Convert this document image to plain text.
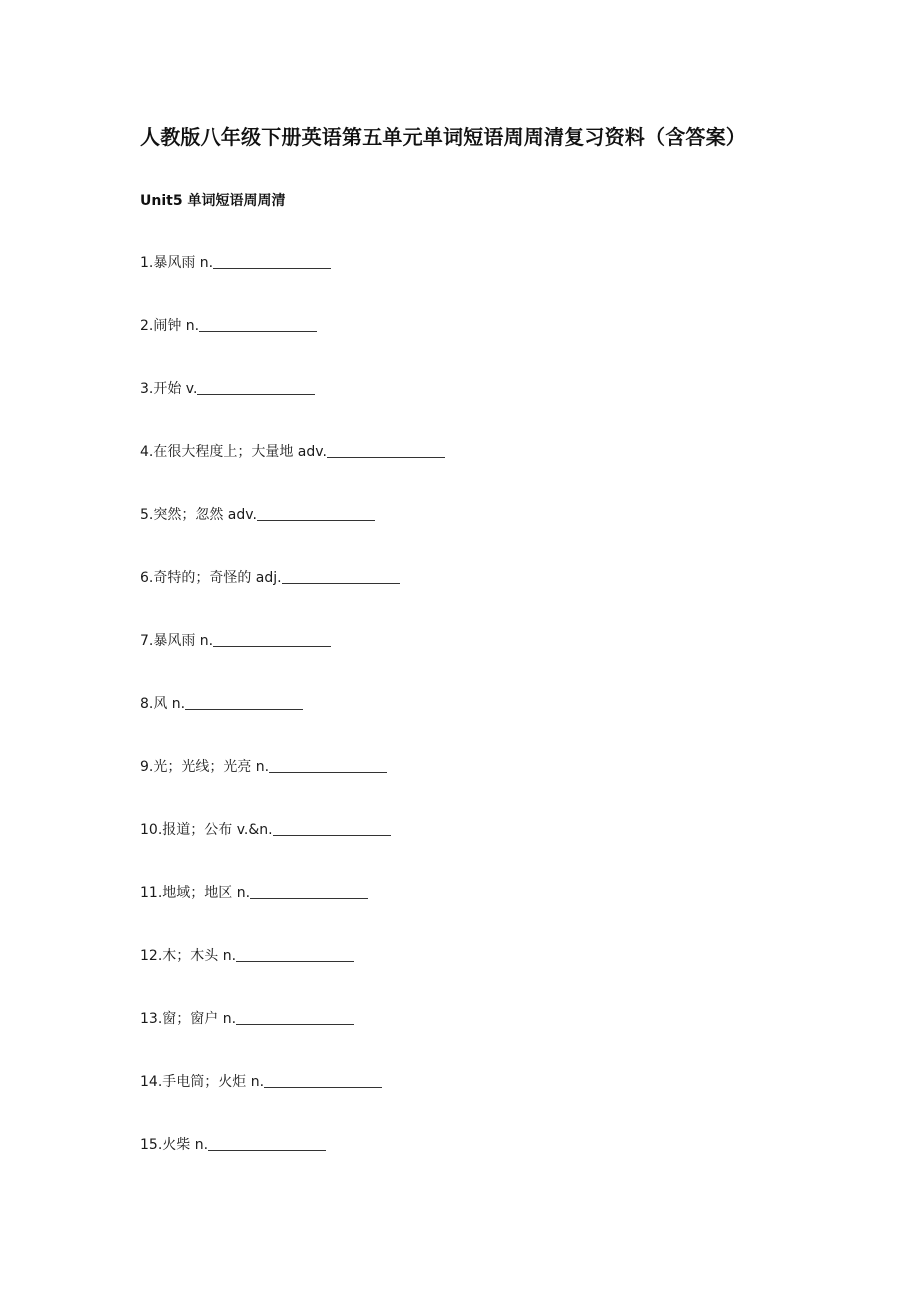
人教版八年级下册英语第五单元单词短语周周清复习资料（含答案）
Unit5 单词短语周周清
1.暴风雨 n.
2.闹钟 n.
3.开始 v.
4.在很大程度上；大量地 adv.
5.突然；忽然 adv.
6.奇特的；奇怪的 adj.
7.暴风雨 n.
8.风 n.
9.光；光线；光亮 n.
10.报道；公布 v.&n.
11.地域；地区 n.
12.木；木头 n.
13.窗；窗户 n.
14.手电筒；火炬 n.
15.火柴 n.
